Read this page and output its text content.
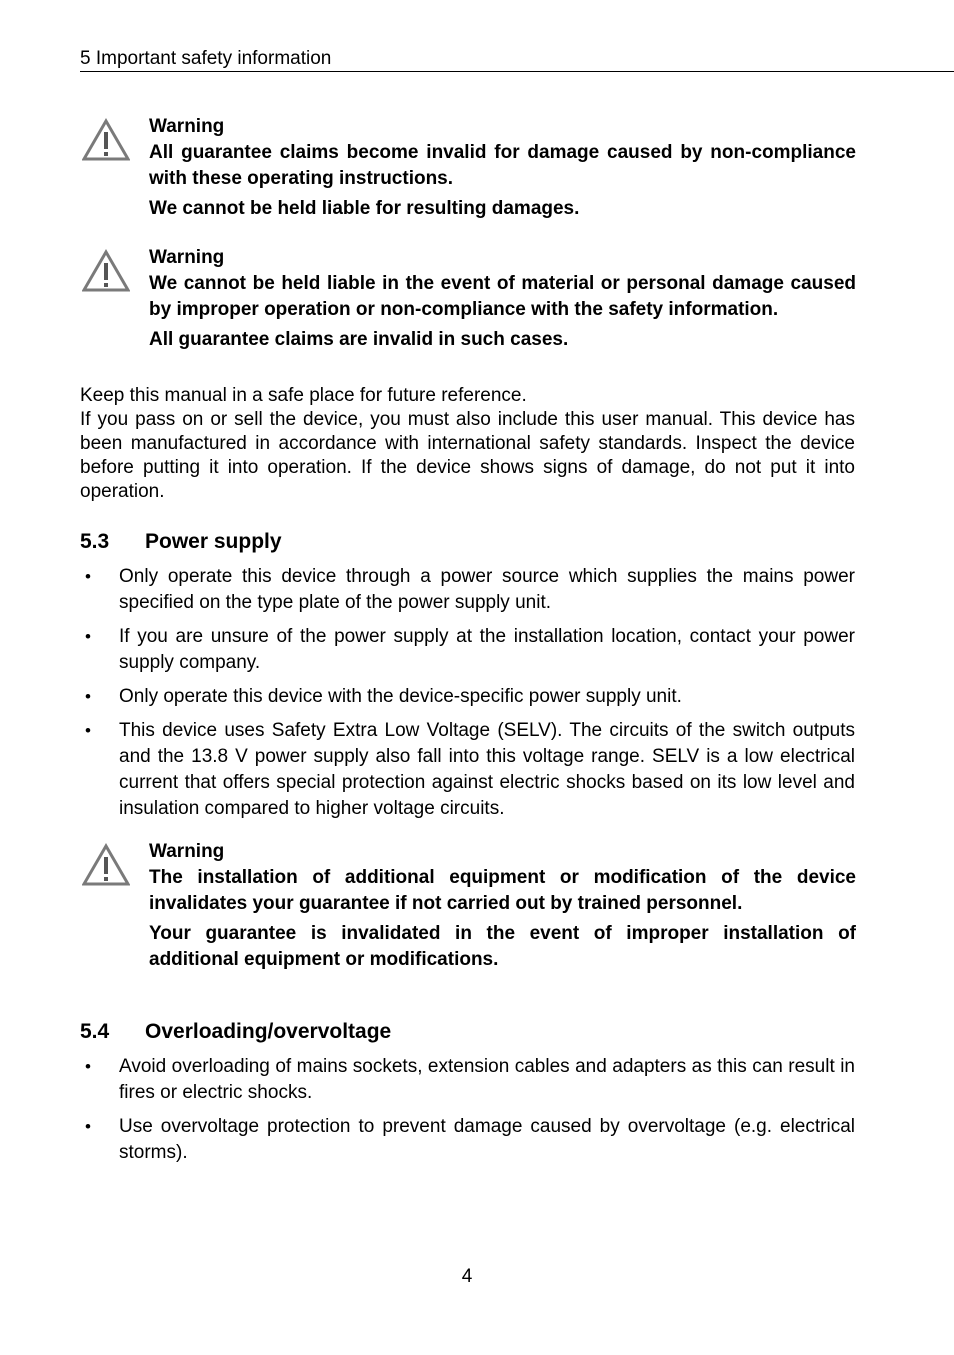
5 Important safety information
Warning

All guarantee claims become invalid for damage caused by non-compliance with these operating instructions.

We cannot be held liable for resulting damages.

Warning

We cannot be held liable in the event of material or personal damage caused by improper operation or non-compliance with the safety information.

All guarantee claims are invalid in such cases.

Keep this manual in a safe place for future reference.

If you pass on or sell the device, you must also include this user manual. This device has been manufactured in accordance with international safety standards. Inspect the device before putting it into operation. If the device shows signs of damage, do not put it into operation.

5.3 Power supply
• Only operate this device through a power source which supplies the mains power specified on the type plate of the power supply unit.
• If you are unsure of the power supply at the installation location, contact your power supply company.
• Only operate this device with the device-specific power supply unit.
• This device uses Safety Extra Low Voltage (SELV). The circuits of the switch outputs and the 13.8 V power supply also fall into this voltage range. SELV is a low electrical current that offers special protection against electric shocks based on its low level and insulation compared to higher voltage circuits.
Warning

The installation of additional equipment or modification of the device invalidates your guarantee if not carried out by trained personnel.

Your guarantee is invalidated in the event of improper installation of additional equipment or modifications.

5.4 Overloading/overvoltage
• Avoid overloading of mains sockets, extension cables and adapters as this can result in fires or electric shocks.
• Use overvoltage protection to prevent damage caused by overvoltage (e.g. electrical storms).
4
